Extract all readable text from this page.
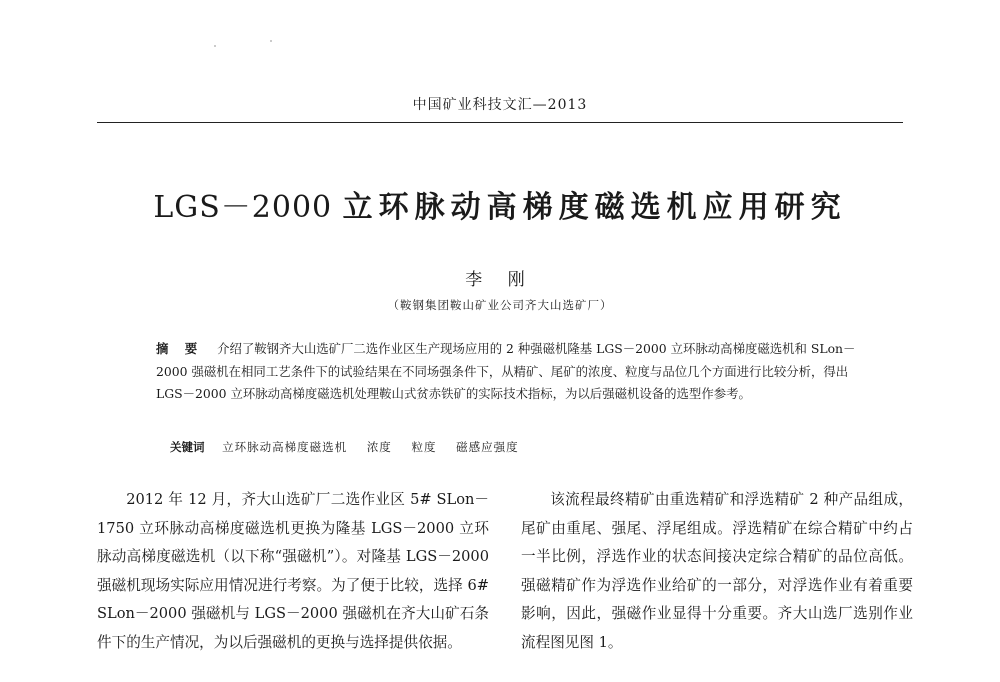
中国矿业科技文汇—2013
LGS－2000 立环脉动高梯度磁选机应用研究
李 刚
（鞍钢集团鞍山矿业公司齐大山选矿厂）
摘 要 介绍了鞍钢齐大山选矿厂二选作业区生产现场应用的 2 种强磁机隆基 LGS－2000 立环脉动高梯度磁选机和 SLon－2000 强磁机在相同工艺条件下的试验结果在不同场强条件下，从精矿、尾矿的浓度、粒度与品位几个方面进行比较分析，得出 LGS－2000 立环脉动高梯度磁选机处理鞍山式贫赤铁矿的实际技术指标，为以后强磁机设备的选型作参考。
关键词 立环脉动高梯度磁选机 浓度 粒度 磁感应强度

2012 年 12 月，齐大山选矿厂二选作业区 5# SLon－1750 立环脉动高梯度磁选机更换为隆基 LGS－2000 立环脉动高梯度磁选机（以下称“强磁机”）。对隆基 LGS－2000 强磁机现场实际应用情况进行考察。为了便于比较，选择 6# SLon－2000 强磁机与 LGS－2000 强磁机在齐大山矿石条件下的生产情况，为以后强磁机的更换与选择提供依据。

该流程最终精矿由重选精矿和浮选精矿 2 种产品组成，尾矿由重尾、强尾、浮尾组成。浮选精矿在综合精矿中约占一半比例，浮选作业的状态间接决定综合精矿的品位高低。强磁精矿作为浮选作业给矿的一部分，对浮选作业有着重要影响，因此，强磁作业显得十分重要。齐大山选厂选别作业流程图见图 1。
